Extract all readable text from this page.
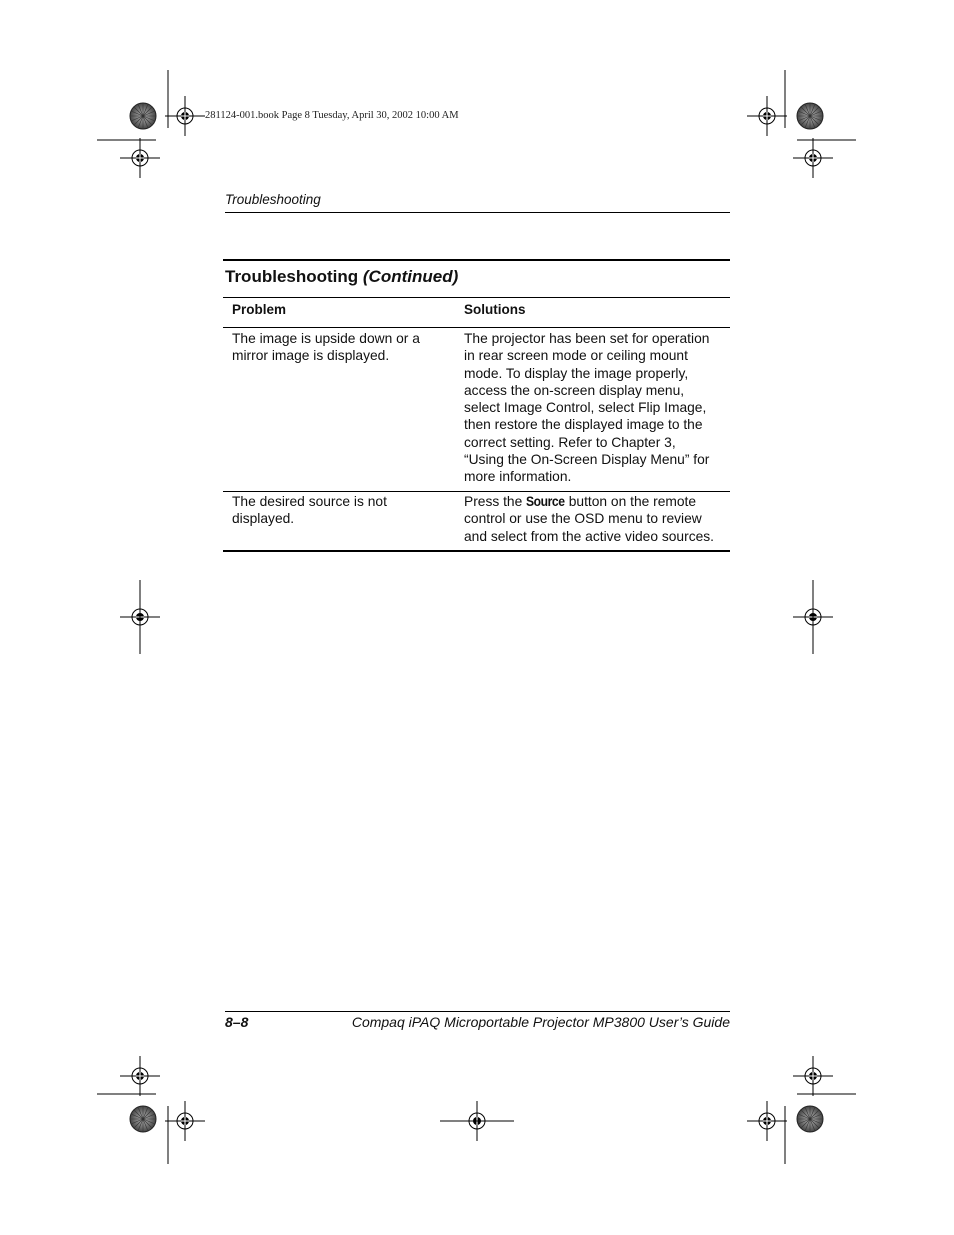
281124-001.book Page 8 Tuesday, April 30, 2002 10:00 AM
Troubleshooting
Troubleshooting (Continued)
Problem	Solutions
The image is upside down or a
mirror image is displayed.
The projector has been set for operation
in rear screen mode or ceiling mount
mode. To display the image properly,
access the on-screen display menu,
select Image Control, select Flip Image,
then restore the displayed image to the
correct setting. Refer to Chapter 3,
“Using the On-Screen Display Menu” for
more information.
The desired source is not
displayed.
Press the Source button on the remote
control or use the OSD menu to review
and select from the active video sources.
8–8	Compaq iPAQ Microportable Projector MP3800 User’s Guide
